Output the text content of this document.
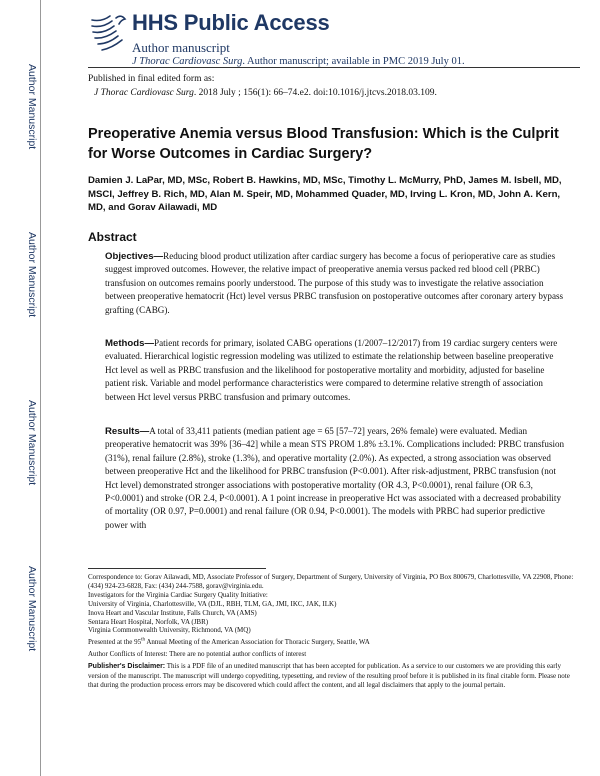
Author Manuscript
Author Manuscript
Author Manuscript
Author Manuscript
HHS Public Access
Author manuscript
J Thorac Cardiovasc Surg. Author manuscript; available in PMC 2019 July 01.
Published in final edited form as:
J Thorac Cardiovasc Surg. 2018 July ; 156(1): 66–74.e2. doi:10.1016/j.jtcvs.2018.03.109.
Preoperative Anemia versus Blood Transfusion: Which is the Culprit for Worse Outcomes in Cardiac Surgery?
Damien J. LaPar, MD, MSc, Robert B. Hawkins, MD, MSc, Timothy L. McMurry, PhD, James M. Isbell, MD, MSCI, Jeffrey B. Rich, MD, Alan M. Speir, MD, Mohammed Quader, MD, Irving L. Kron, MD, John A. Kern, MD, and Gorav Ailawadi, MD
Abstract
Objectives—Reducing blood product utilization after cardiac surgery has become a focus of perioperative care as studies suggest improved outcomes. However, the relative impact of preoperative anemia versus packed red blood cell (PRBC) transfusion on outcomes remains poorly understood. The purpose of this study was to investigate the relative association between preoperative hematocrit (Hct) level versus PRBC transfusion on postoperative outcomes after coronary artery bypass grafting (CABG).
Methods—Patient records for primary, isolated CABG operations (1/2007–12/2017) from 19 cardiac surgery centers were evaluated. Hierarchical logistic regression modeling was utilized to estimate the relationship between baseline preoperative Hct level as well as PRBC transfusion and the likelihood for postoperative mortality and morbidity, adjusted for baseline patient risk. Variable and model performance characteristics were compared to determine relative strength of association between Hct level versus PRBC transfusion and primary outcomes.
Results—A total of 33,411 patients (median patient age = 65 [57–72] years, 26% female) were evaluated. Median preoperative hematocrit was 39% [36–42] while a mean STS PROM 1.8% ±3.1%. Complications included: PRBC transfusion (31%), renal failure (2.8%), stroke (1.3%), and operative mortality (2.0%). As expected, a strong association was observed between preoperative Hct and the likelihood for PRBC transfusion (P<0.001). After risk-adjustment, PRBC transfusion (not Hct level) demonstrated stronger associations with postoperative mortality (OR 4.3, P<0.0001), renal failure (OR 6.3, P<0.0001) and stroke (OR 2.4, P<0.0001). A 1 point increase in preoperative Hct was associated with a decreased probability of mortality (OR 0.97, P=0.0001) and renal failure (OR 0.94, P<0.0001). The models with PRBC had superior predictive power with

Correspondence to: Gorav Ailawadi, MD, Associate Professor of Surgery, Department of Surgery, University of Virginia, PO Box 800679, Charlottesville, VA 22908, Phone: (434) 924-23-6828, Fax: (434) 244-7588, gorav@virginia.edu.

Investigators for the Virginia Cardiac Surgery Quality Initiative:

University of Virginia, Charlottesville, VA (DJL, RBH, TLM, GA, JMI, IKC, JAK, ILK)

Inova Heart and Vascular Institute, Falls Church, VA (AMS)

Sentara Heart Hospital, Norfolk, VA (JBR)

Virginia Commonwealth University, Richmond, VA (MQ)

Presented at the 95th Annual Meeting of the American Association for Thoracic Surgery, Seattle, WA

Author Conflicts of Interest: There are no potential author conflicts of interest

Publisher's Disclaimer: This is a PDF file of an unedited manuscript that has been accepted for publication. As a service to our customers we are providing this early version of the manuscript. The manuscript will undergo copyediting, typesetting, and review of the resulting proof before it is published in its final citable form. Please note that during the production process errors may be discovered which could affect the content, and all legal disclaimers that apply to the journal pertain.
